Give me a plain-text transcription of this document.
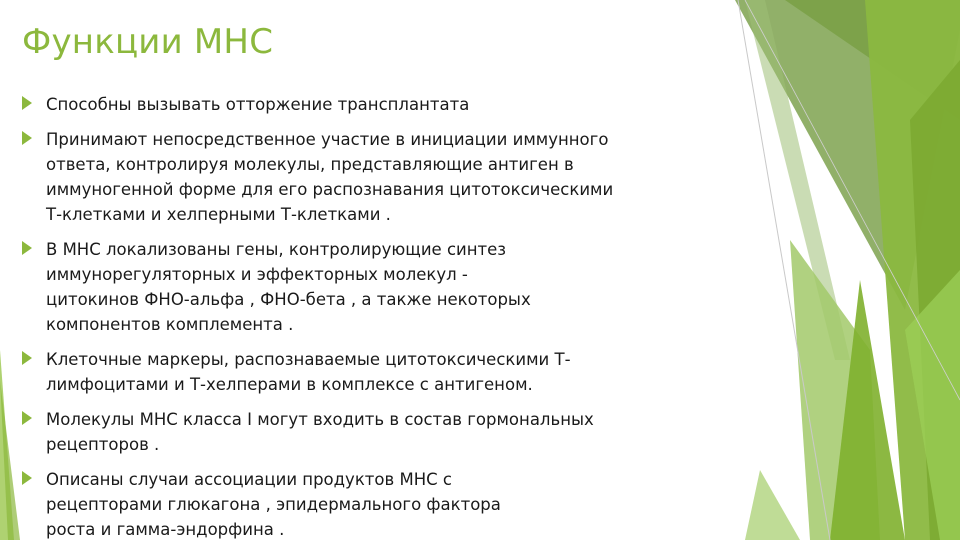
Функции МНС
Способны вызывать отторжение трансплантата
Принимают непосредственное участие в инициации иммунного
ответа, контролируя молекулы, представляющие антиген в
иммуногенной форме для его распознавания цитотоксическими
Т-клетками и хелперными Т-клетками .
В МНС локализованы гены, контролирующие синтез
иммунорегуляторных и эффекторных молекул -
цитокинов ФНО-альфа , ФНО-бета , а также некоторых
компонентов комплемента .
Клеточные маркеры, распознаваемые цитотоксическими Т-
лимфоцитами и Т-хелперами в комплексе с антигеном.
Молекулы МНС класса I могут входить в состав гормональных
рецепторов .
Описаны случаи ассоциации продуктов МНС с
рецепторами глюкагона , эпидермального фактора
роста и гамма-эндорфина .
